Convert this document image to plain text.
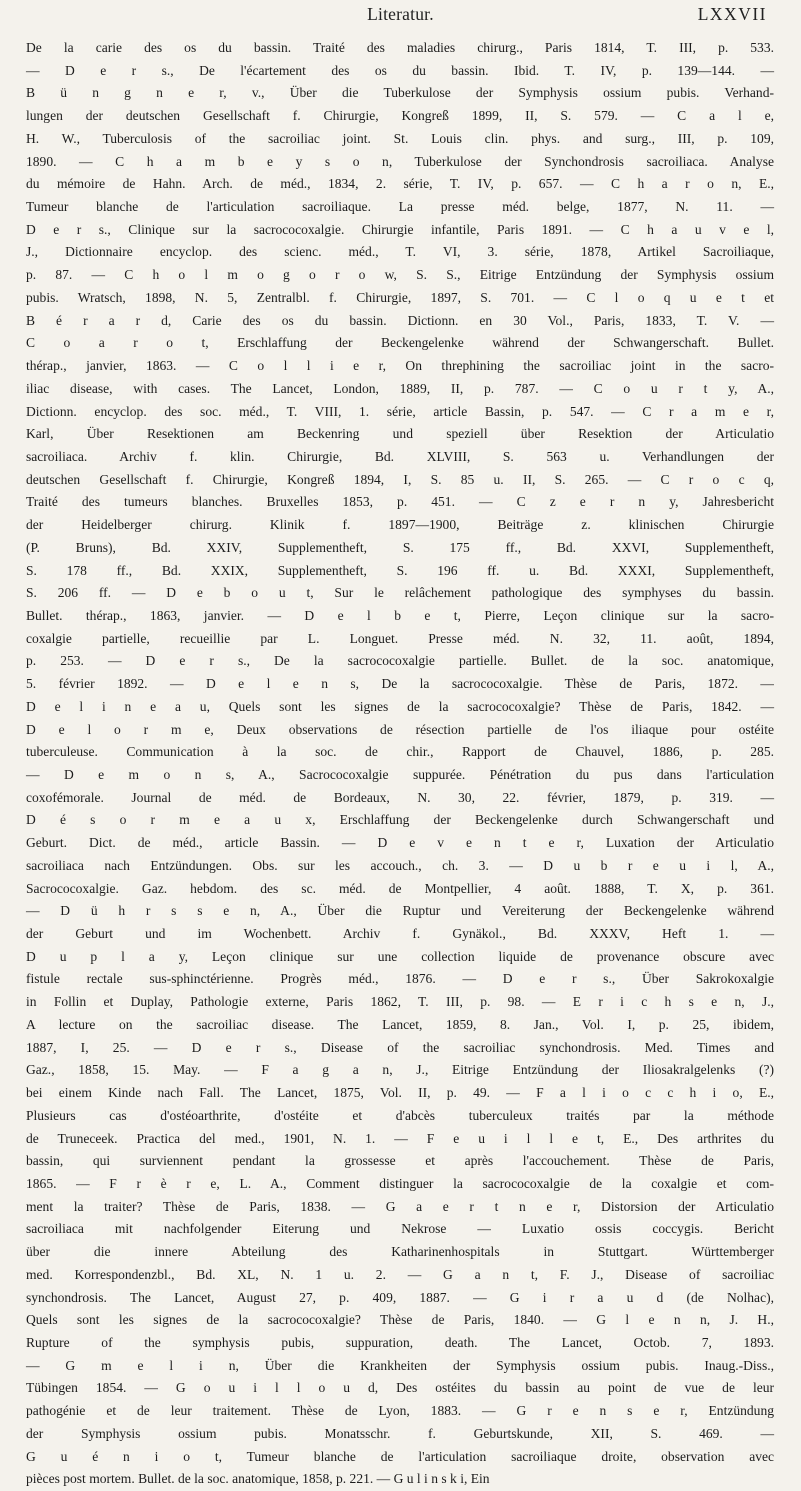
Literatur.	LXXVII
De la carie des os du bassin. Traité des maladies chirurg., Paris 1814, T. III, p. 533.
— D e r s., De l'écartement des os du bassin. Ibid. T. IV, p. 139—144. —
B ü n g n e r, v., Über die Tuberkulose der Symphysis ossium pubis. Verhand-
lungen der deutschen Gesellschaft f. Chirurgie, Kongreß 1899, II, S. 579. — C a l e,
H. W., Tuberculosis of the sacroiliac joint. St. Louis clin. phys. and surg., III, p. 109,
1890. — C h a m b e y s o n, Tuberkulose der Synchondrosis sacroiliaca. Analyse
du mémoire de Hahn. Arch. de méd., 1834, 2. série, T. IV, p. 657. — C h a r o n, E.,
Tumeur blanche de l'articulation sacroiliaque. La presse méd. belge, 1877, N. 11. —
D e r s., Clinique sur la sacrococoxalgie. Chirurgie infantile, Paris 1891. — C h a u v e l,
J., Dictionnaire encyclop. des scienc. méd., T. VI, 3. série, 1878, Artikel Sacroiliaque,
p. 87. — C h o l m o g o r o w, S. S., Eitrige Entzündung der Symphysis ossium
pubis. Wratsch, 1898, N. 5, Zentralbl. f. Chirurgie, 1897, S. 701. — C l o q u e t et
B é r a r d, Carie des os du bassin. Dictionn. en 30 Vol., Paris, 1833, T. V. —
C o a r o t, Erschlaffung der Beckengelenke während der Schwangerschaft. Bullet.
thérap., janvier, 1863. — C o l l i e r, On threphining the sacroiliac joint in the sacro-
iliac disease, with cases. The Lancet, London, 1889, II, p. 787. — C o u r t y, A.,
Dictionn. encyclop. des soc. méd., T. VIII, 1. série, article Bassin, p. 547. — C r a m e r,
Karl, Über Resektionen am Beckenring und speziell über Resektion der Articulatio
sacroiliaca. Archiv f. klin. Chirurgie, Bd. XLVIII, S. 563 u. Verhandlungen der
deutschen Gesellschaft f. Chirurgie, Kongreß 1894, I, S. 85 u. II, S. 265. — C r o c q,
Traité des tumeurs blanches. Bruxelles 1853, p. 451. — C z e r n y, Jahresbericht
der Heidelberger chirurg. Klinik f. 1897—1900, Beiträge z. klinischen Chirurgie
(P. Bruns), Bd. XXIV, Supplementheft, S. 175 ff., Bd. XXVI, Supplementheft,
S. 178 ff., Bd. XXIX, Supplementheft, S. 196 ff. u. Bd. XXXI, Supplementheft,
S. 206 ff. — D e b o u t, Sur le relâchement pathologique des symphyses du bassin.
Bullet. thérap., 1863, janvier. — D e l b e t, Pierre, Leçon clinique sur la sacro-
coxalgie partielle, recueillie par L. Longuet. Presse méd. N. 32, 11. août, 1894,
p. 253. — D e r s., De la sacrococoxalgie partielle. Bullet. de la soc. anatomique,
5. février 1892. — D e l e n s, De la sacrococoxalgie. Thèse de Paris, 1872. —
D e l i n e a u, Quels sont les signes de la sacrococoxalgie? Thèse de Paris, 1842. —
D e l o r m e, Deux observations de résection partielle de l'os iliaque pour ostéite
tuberculeuse. Communication à la soc. de chir., Rapport de Chauvel, 1886, p. 285.
— D e m o n s, A., Sacrococoxalgie suppurée. Pénétration du pus dans l'articulation
coxofémorale. Journal de méd. de Bordeaux, N. 30, 22. février, 1879, p. 319. —
D é s o r m e a u x, Erschlaffung der Beckengelenke durch Schwangerschaft und
Geburt. Dict. de méd., article Bassin. — D e v e n t e r, Luxation der Articulatio
sacroiliaca nach Entzündungen. Obs. sur les accouch., ch. 3. — D u b r e u i l, A.,
Sacrococoxalgie. Gaz. hebdom. des sc. méd. de Montpellier, 4 août. 1888, T. X, p. 361.
— D ü h r s s e n, A., Über die Ruptur und Vereiterung der Beckengelenke während
der Geburt und im Wochenbett. Archiv f. Gynäkol., Bd. XXXV, Heft 1. —
D u p l a y, Leçon clinique sur une collection liquide de provenance obscure avec
fistule rectale sus-sphinctérienne. Progrès méd., 1876. — D e r s., Über Sakrokoxalgie
in Follin et Duplay, Pathologie externe, Paris 1862, T. III, p. 98. — E r i c h s e n, J.,
A lecture on the sacroiliac disease. The Lancet, 1859, 8. Jan., Vol. I, p. 25, ibidem,
1887, I, 25. — D e r s., Disease of the sacroiliac synchondrosis. Med. Times and
Gaz., 1858, 15. May. — F a g a n, J., Eitrige Entzündung der Iliosakralgelenks (?)
bei einem Kinde nach Fall. The Lancet, 1875, Vol. II, p. 49. — F a l i o c c h i o, E.,
Plusieurs cas d'ostéoarthrite, d'ostéite et d'abcès tuberculeux traités par la méthode
de Truneceek. Practica del med., 1901, N. 1. — F e u i l l e t, E., Des arthrites du
bassin, qui surviennent pendant la grossesse et après l'accouchement. Thèse de Paris,
1865. — F r è r e, L. A., Comment distinguer la sacrococoxalgie de la coxalgie et com-
ment la traiter? Thèse de Paris, 1838. — G a e r t n e r, Distorsion der Articulatio
sacroiliaca mit nachfolgender Eiterung und Nekrose — Luxatio ossis coccygis. Bericht
über die innere Abteilung des Katharinenhospitals in Stuttgart. Württemberger
med. Korrespondenzbl., Bd. XL, N. 1 u. 2. — G a n t, F. J., Disease of sacroiliac
synchondrosis. The Lancet, August 27, p. 409, 1887. — G i r a u d (de Nolhac),
Quels sont les signes de la sacrococoxalgie? Thèse de Paris, 1840. — G l e n n, J. H.,
Rupture of the symphysis pubis, suppuration, death. The Lancet, Octob. 7, 1893.
— G m e l i n, Über die Krankheiten der Symphysis ossium pubis. Inaug.-Diss.,
Tübingen 1854. — G o u i l l o u d, Des ostéites du bassin au point de vue de leur
pathogénie et de leur traitement. Thèse de Lyon, 1883. — G r e n s e r, Entzündung
der Symphysis ossium pubis. Monatsschr. f. Geburtskunde, XII, S. 469. —
G u é n i o t, Tumeur blanche de l'articulation sacroiliaque droite, observation avec
pièces post mortem. Bullet. de la soc. anatomique, 1858, p. 221. — G u l i n s k i, Ein
